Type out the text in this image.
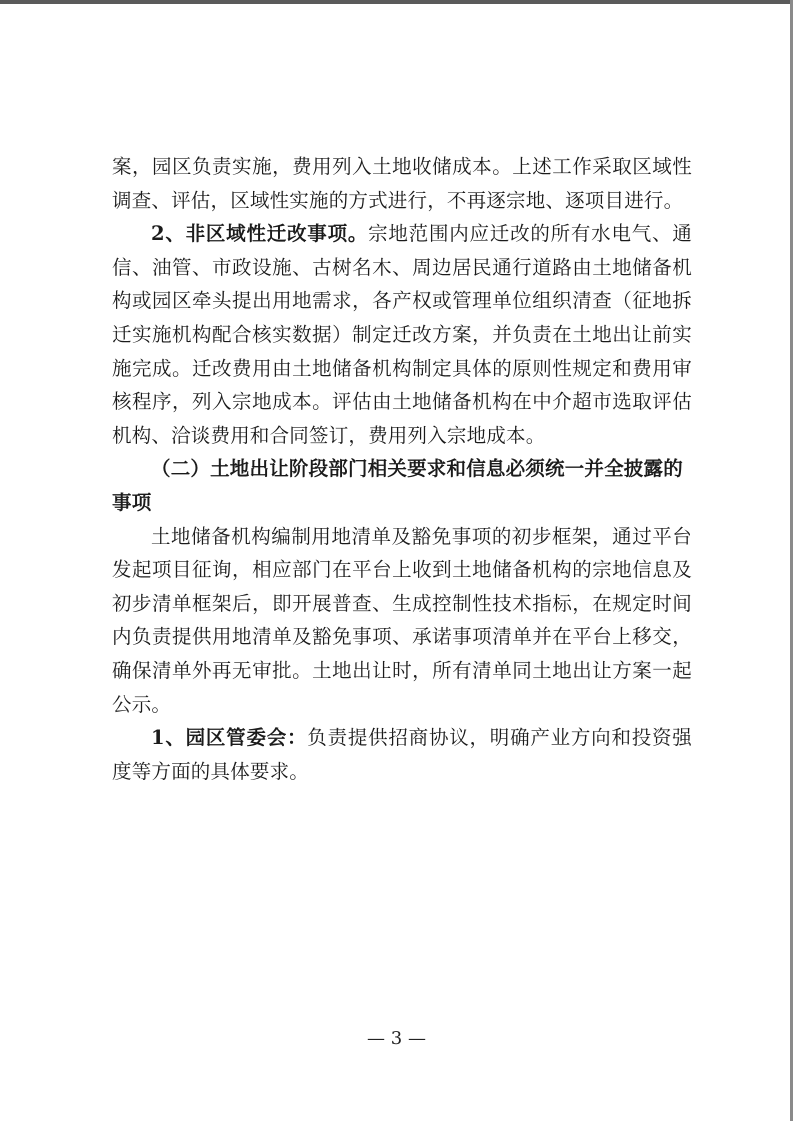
案，园区负责实施，费用列入土地收储成本。上述工作采取区域性调查、评估，区域性实施的方式进行，不再逐宗地、逐项目进行。

2、非区域性迁改事项。宗地范围内应迁改的所有水电气、通信、油管、市政设施、古树名木、周边居民通行道路由土地储备机构或园区牵头提出用地需求，各产权或管理单位组织清查（征地拆迁实施机构配合核实数据）制定迁改方案，并负责在土地出让前实施完成。迁改费用由土地储备机构制定具体的原则性规定和费用审核程序，列入宗地成本。评估由土地储备机构在中介超市选取评估机构、洽谈费用和合同签订，费用列入宗地成本。

（二）土地出让阶段部门相关要求和信息必须统一并全披露的事项

土地储备机构编制用地清单及豁免事项的初步框架，通过平台发起项目征询，相应部门在平台上收到土地储备机构的宗地信息及初步清单框架后，即开展普查、生成控制性技术指标，在规定时间内负责提供用地清单及豁免事项、承诺事项清单并在平台上移交，确保清单外再无审批。土地出让时，所有清单同土地出让方案一起公示。

1、园区管委会：负责提供招商协议，明确产业方向和投资强度等方面的具体要求。

— 3 —
